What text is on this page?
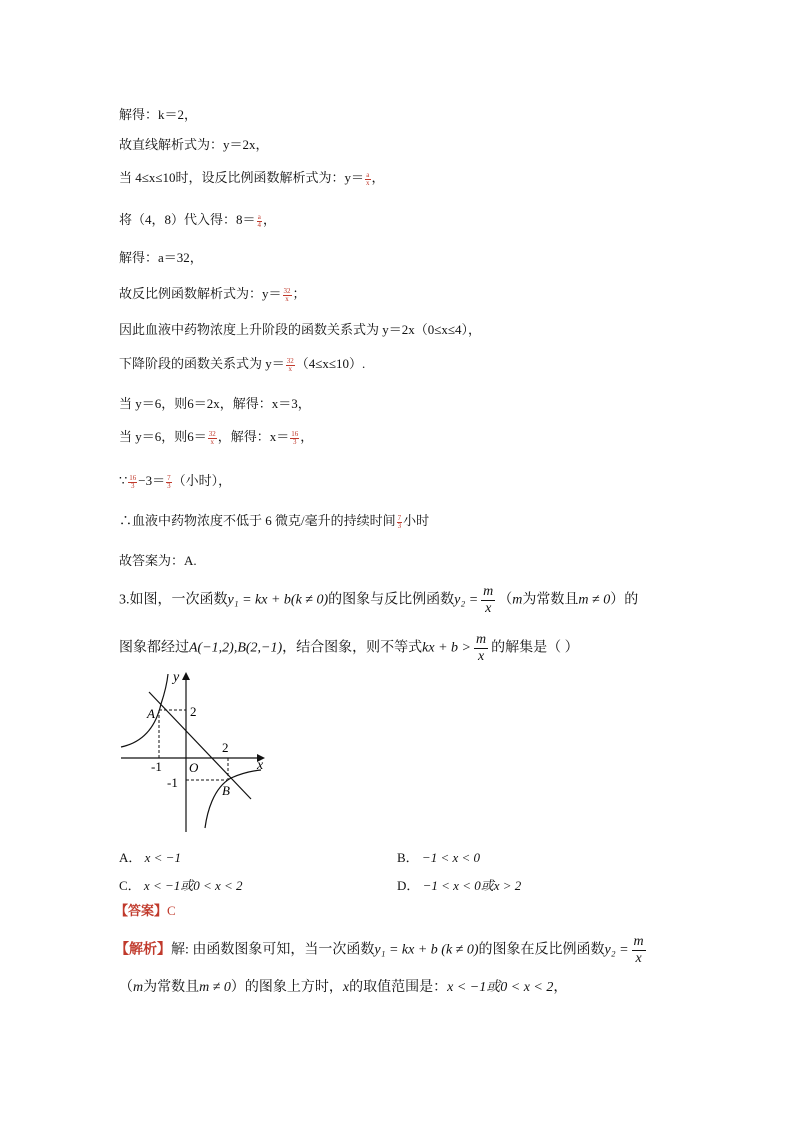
解得：k＝2，
故直线解析式为：y＝2x，
当 4≤x≤10时，设反比例函数解析式为：$y= \frac{a}{x}$ ，
将（4，8）代入得：$8= \frac{a}{4}$ ，
解得：a＝32，
故反比例函数解析式为：$y= \frac{32}{x}$ ；
因此血液中药物浓度上升阶段的函数关系式为 y＝2x（0≤x≤4），
下降阶段的函数关系式为 $y= \frac{32}{x} (4\le x\le 10)$.
当 y＝6，则6＝2x，解得：x＝3，
当 y＝6，则$6= \frac{32}{x}$ ，解得：$x= \frac{16}{3}$ ，
∵ $\frac{16}{3} -3= \frac{7}{3}$ （小时），
∴血液中药物浓度不低于 6 微克/毫升的持续时间 $\frac{7}{3}$ 小时
故答案为：A.
3.如图，一次函数y₁ = kx + b(k ≠ 0)的图象与反比例函数$y_2 = \frac{m}{x} (m$为常数且m ≠ 0）的
图象都经过A(−1,2),B(2,−1)，结合图象，则不等式kx + $b > \frac{m}{x}$ 的解集是（ ）
y
x
A
B
O
2
2
-1
-1
A． x < −1	B． −1 < x < 0
C． x < −1或0 < x < 2	D． −1 < x < 0或x > 2
【答案】C
【解析】解: 由函数图象可知，当一次函数y₁ = kx + b (k ≠ 0)的图象在反比例函数$y_2 = \frac{m}{x}$
（m为常数且m ≠ 0）的图象上方时，x的取值范围是：x < −1或0 < x < 2，
